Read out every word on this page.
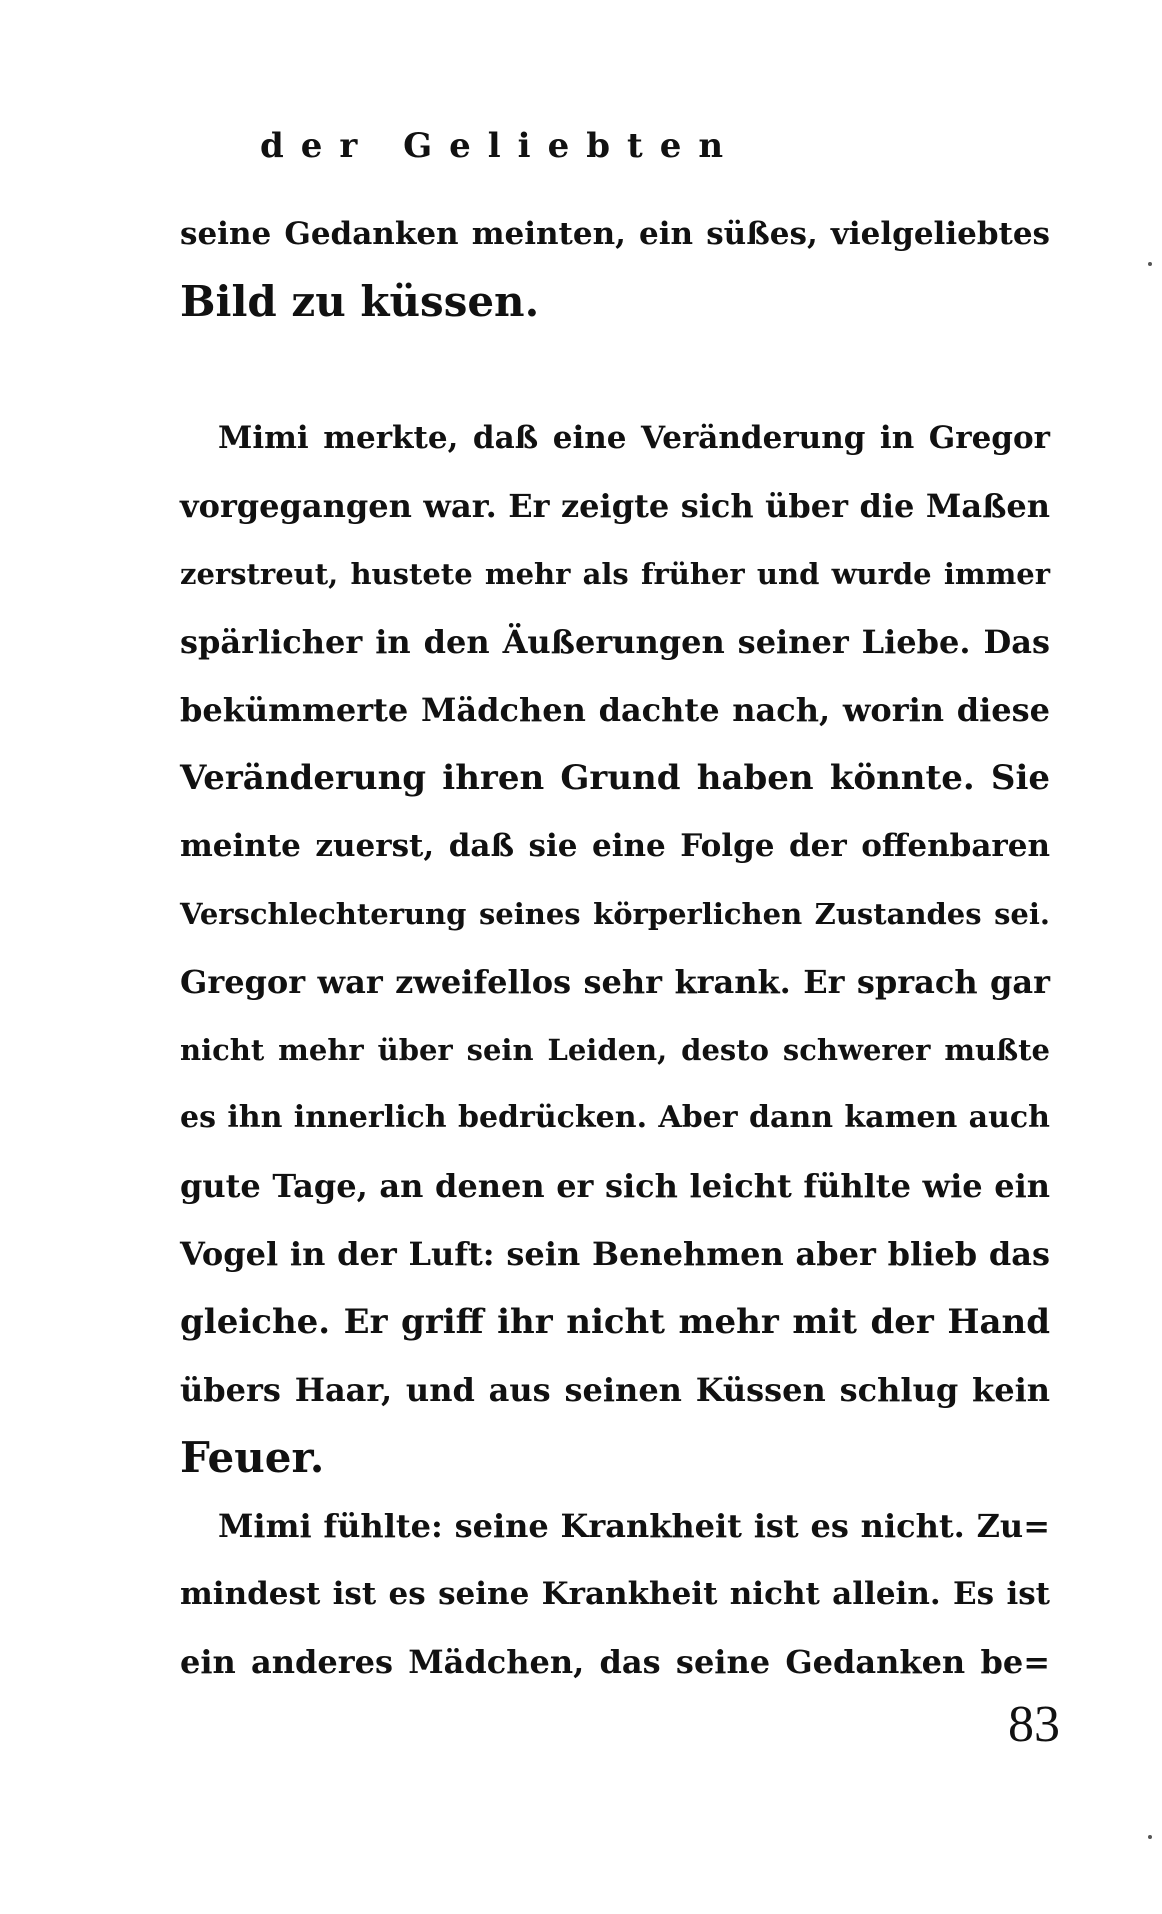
der Geliebten
seine Gedanken meinten, ein süßes, vielgeliebtes
Bild zu küssen.
Mimi merkte, daß eine Veränderung in Gregor
vorgegangen war. Er zeigte sich über die Maßen
zerstreut, hustete mehr als früher und wurde immer
spärlicher in den Äußerungen seiner Liebe. Das
bekümmerte Mädchen dachte nach, worin diese
Veränderung ihren Grund haben könnte. Sie
meinte zuerst, daß sie eine Folge der offenbaren
Verschlechterung seines körperlichen Zustandes sei.
Gregor war zweifellos sehr krank. Er sprach gar
nicht mehr über sein Leiden, desto schwerer mußte
es ihn innerlich bedrücken. Aber dann kamen auch
gute Tage, an denen er sich leicht fühlte wie ein
Vogel in der Luft: sein Benehmen aber blieb das
gleiche. Er griff ihr nicht mehr mit der Hand
übers Haar, und aus seinen Küssen schlug kein
Feuer.
Mimi fühlte: seine Krankheit ist es nicht. Zu=
mindest ist es seine Krankheit nicht allein. Es ist
ein anderes Mädchen, das seine Gedanken be=
83
